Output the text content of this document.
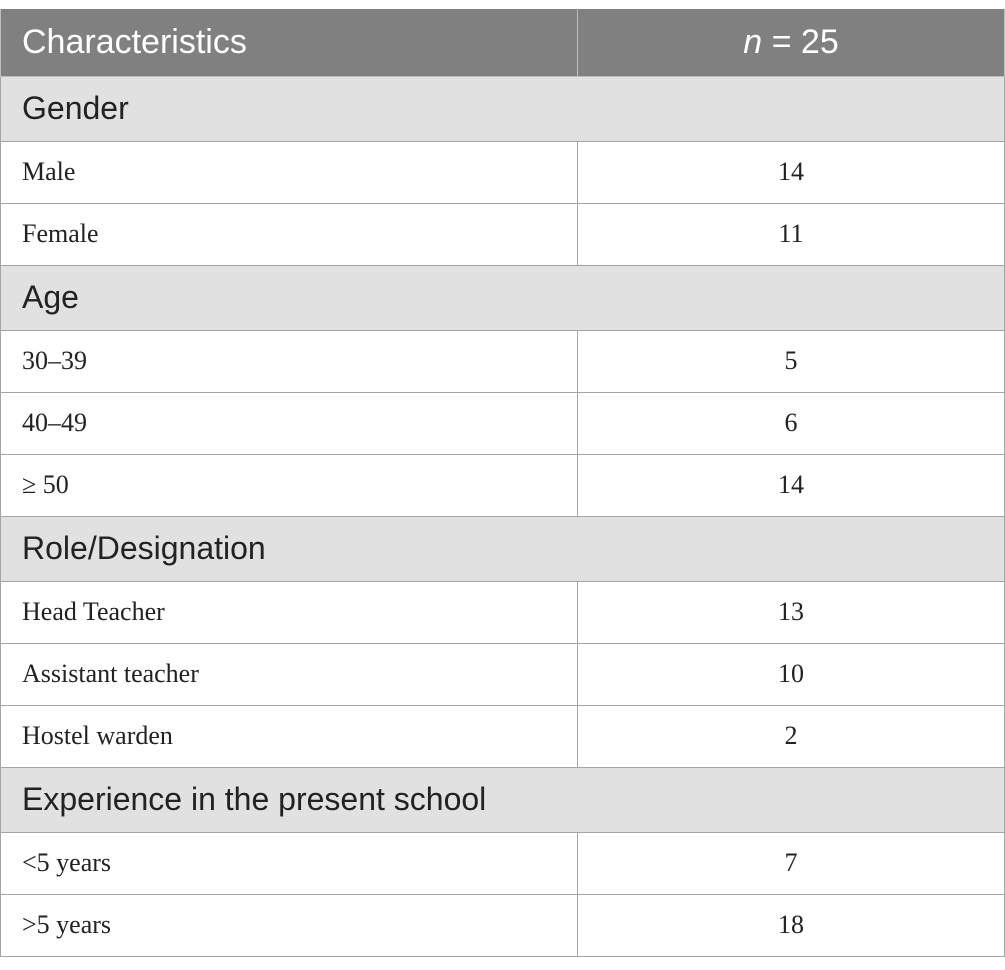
Characteristics	n = 25
Gender	
Male	14
Female	11
Age	
30–39	5
40–49	6
≥ 50	14
Role/Designation	
Head Teacher	13
Assistant teacher	10
Hostel warden	2
Experience in the present school	
<5 years	7
>5 years	18
